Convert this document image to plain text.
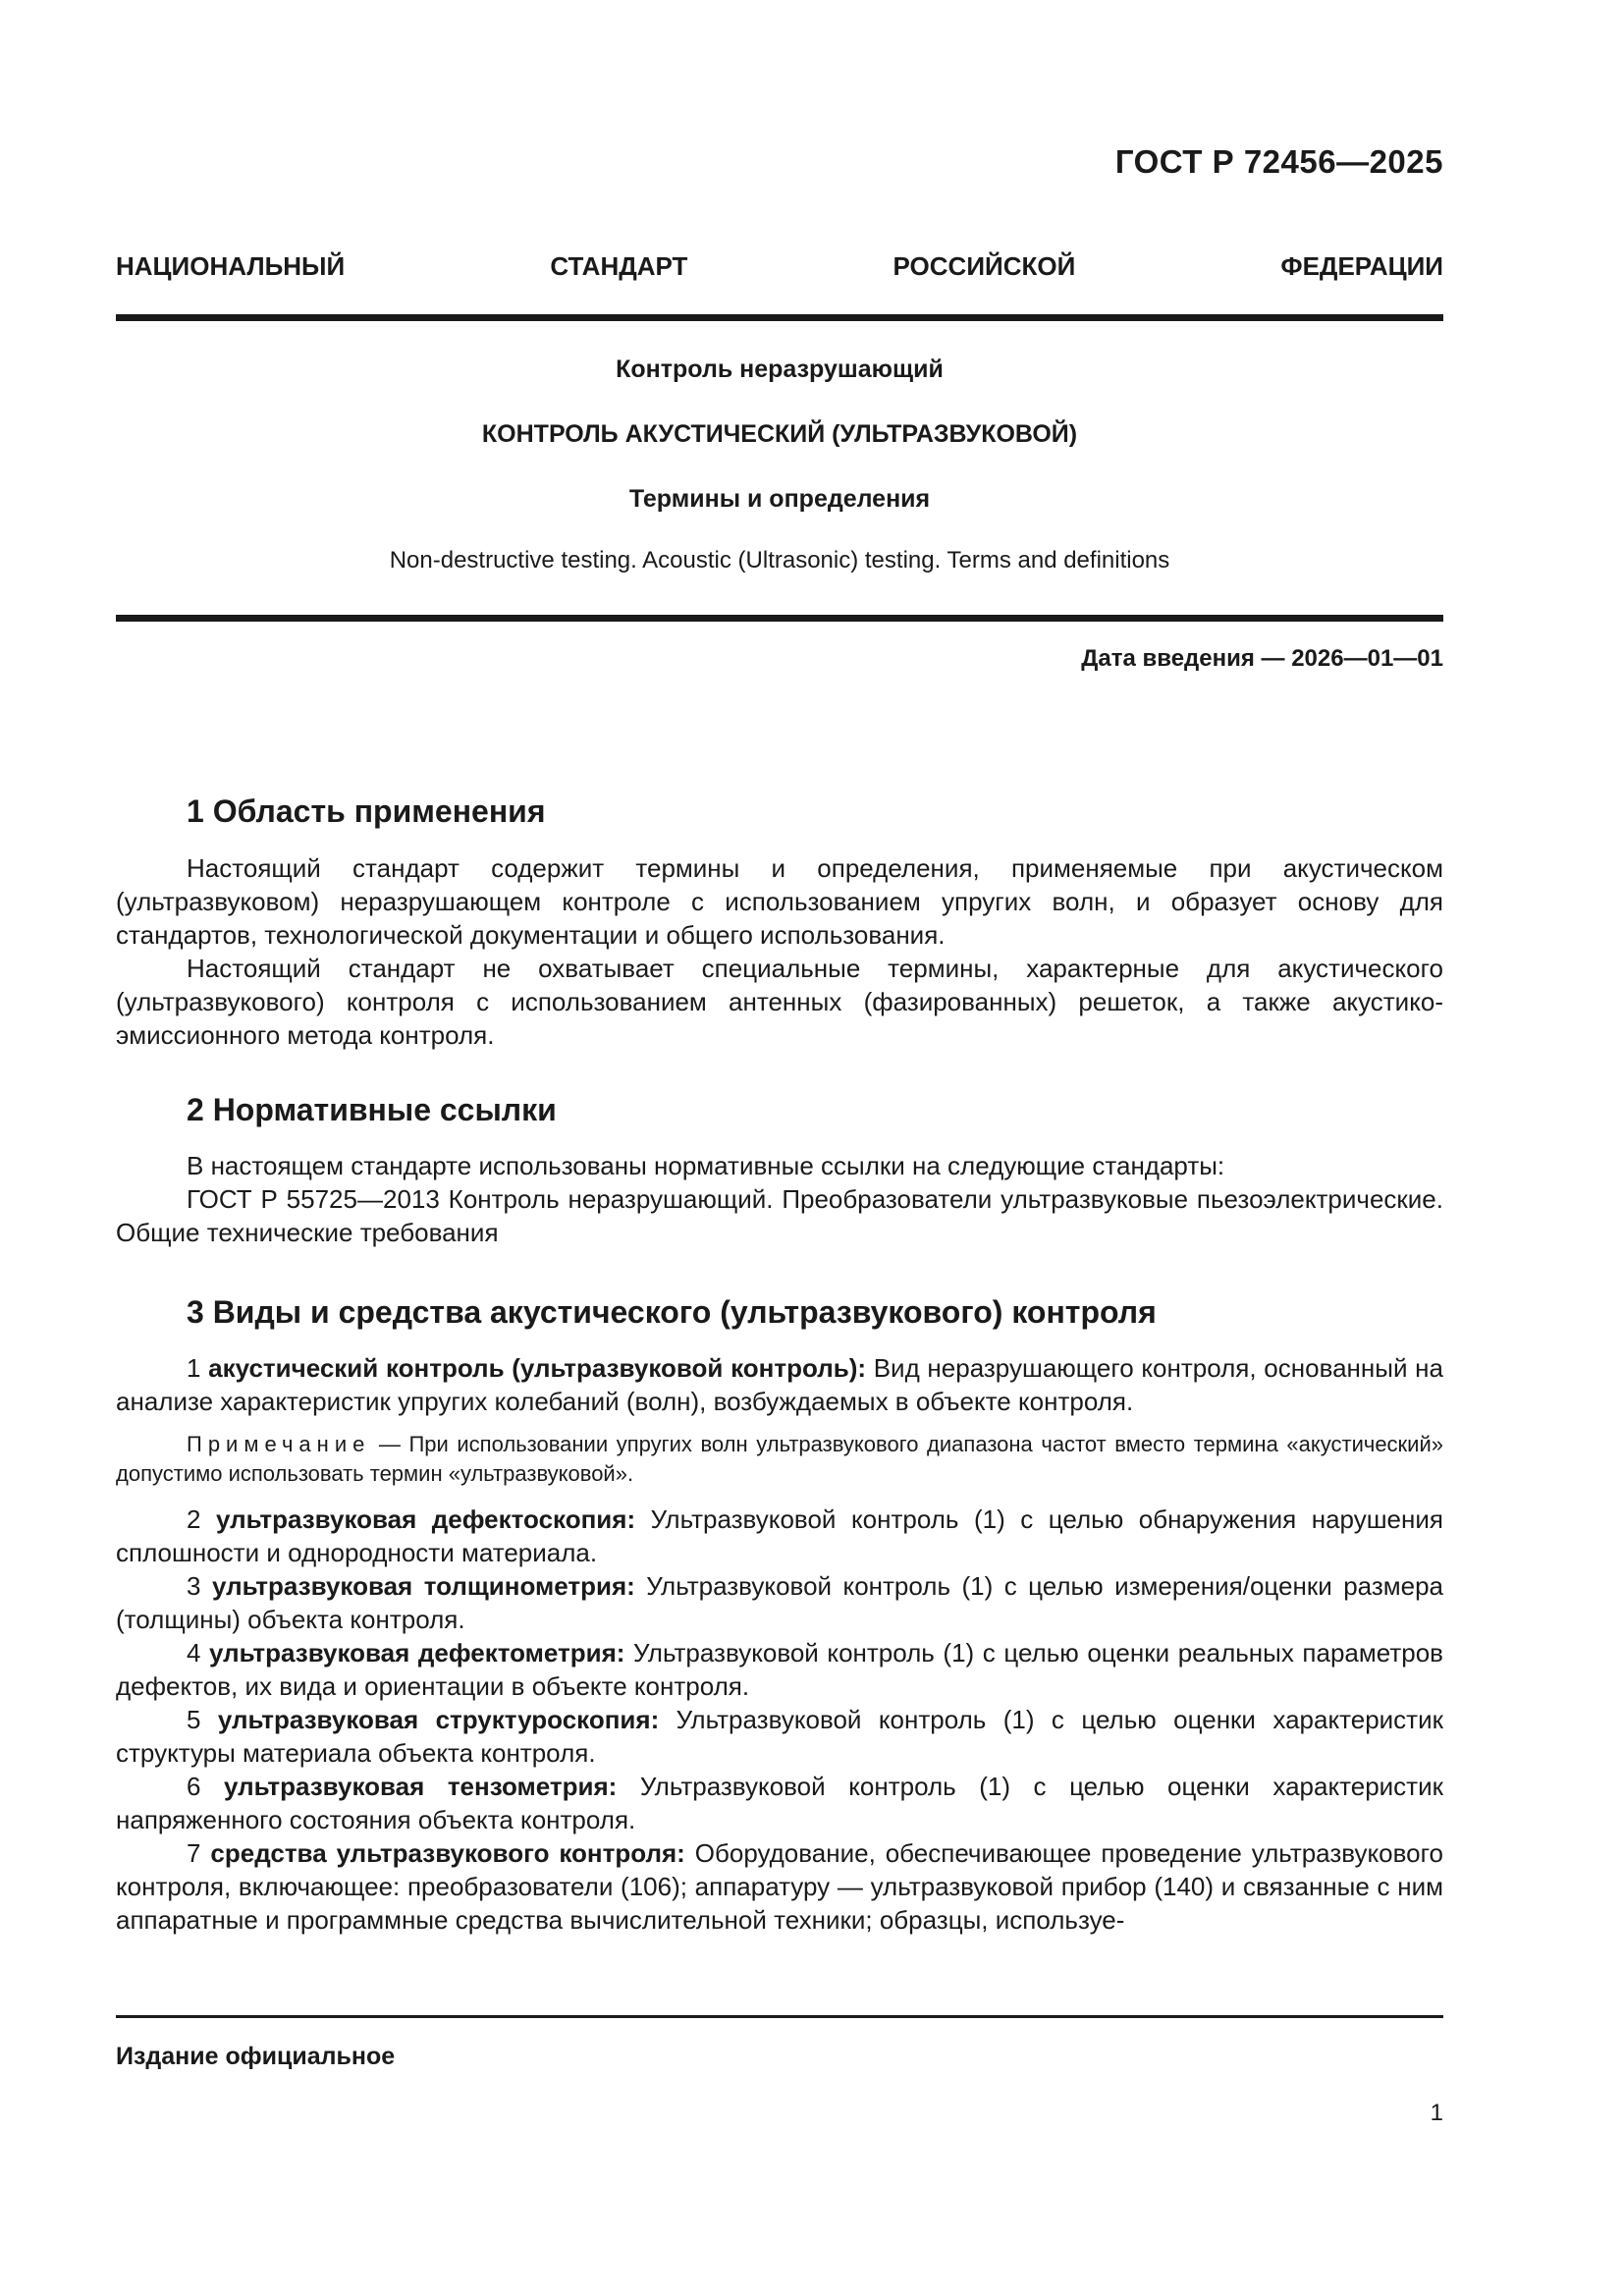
ГОСТ Р 72456—2025
НАЦИОНАЛЬНЫЙ	СТАНДАРТ	РОССИЙСКОЙ	ФЕДЕРАЦИИ
Контроль неразрушающий
КОНТРОЛЬ АКУСТИЧЕСКИЙ (УЛЬТРАЗВУКОВОЙ)
Термины и определения
Non-destructive testing. Acoustic (Ultrasonic) testing. Terms and definitions
Дата введения — 2026—01—01
1 Область применения

Настоящий стандарт содержит термины и определения, применяемые при акустическом (ультразвуковом) неразрушающем контроле с использованием упругих волн, и образует основу для стандартов, технологической документации и общего использования.

Настоящий стандарт не охватывает специальные термины, характерные для акустического (ультразвукового) контроля с использованием антенных (фазированных) решеток, а также акустико-эмиссионного метода контроля.

2 Нормативные ссылки

В настоящем стандарте использованы нормативные ссылки на следующие стандарты:

ГОСТ Р 55725—2013 Контроль неразрушающий. Преобразователи ультразвуковые пьезоэлектрические. Общие технические требования

3 Виды и средства акустического (ультразвукового) контроля

1 акустический контроль (ультразвуковой контроль): Вид неразрушающего контроля, основанный на анализе характеристик упругих колебаний (волн), возбуждаемых в объекте контроля.

Примечание — При использовании упругих волн ультразвукового диапазона частот вместо термина «акустический» допустимо использовать термин «ультразвуковой».

2 ультразвуковая дефектоскопия: Ультразвуковой контроль (1) с целью обнаружения нарушения сплошности и однородности материала.

3 ультразвуковая толщинометрия: Ультразвуковой контроль (1) с целью измерения/оценки размера (толщины) объекта контроля.

4 ультразвуковая дефектометрия: Ультразвуковой контроль (1) с целью оценки реальных параметров дефектов, их вида и ориентации в объекте контроля.

5 ультразвуковая структуроскопия: Ультразвуковой контроль (1) с целью оценки характеристик структуры материала объекта контроля.

6 ультразвуковая тензометрия: Ультразвуковой контроль (1) с целью оценки характеристик напряженного состояния объекта контроля.

7 средства ультразвукового контроля: Оборудование, обеспечивающее проведение ультразвукового контроля, включающее: преобразователи (106); аппаратуру — ультразвуковой прибор (140) и связанные с ним аппаратные и программные средства вычислительной техники; образцы, используе-

Издание официальное
1
